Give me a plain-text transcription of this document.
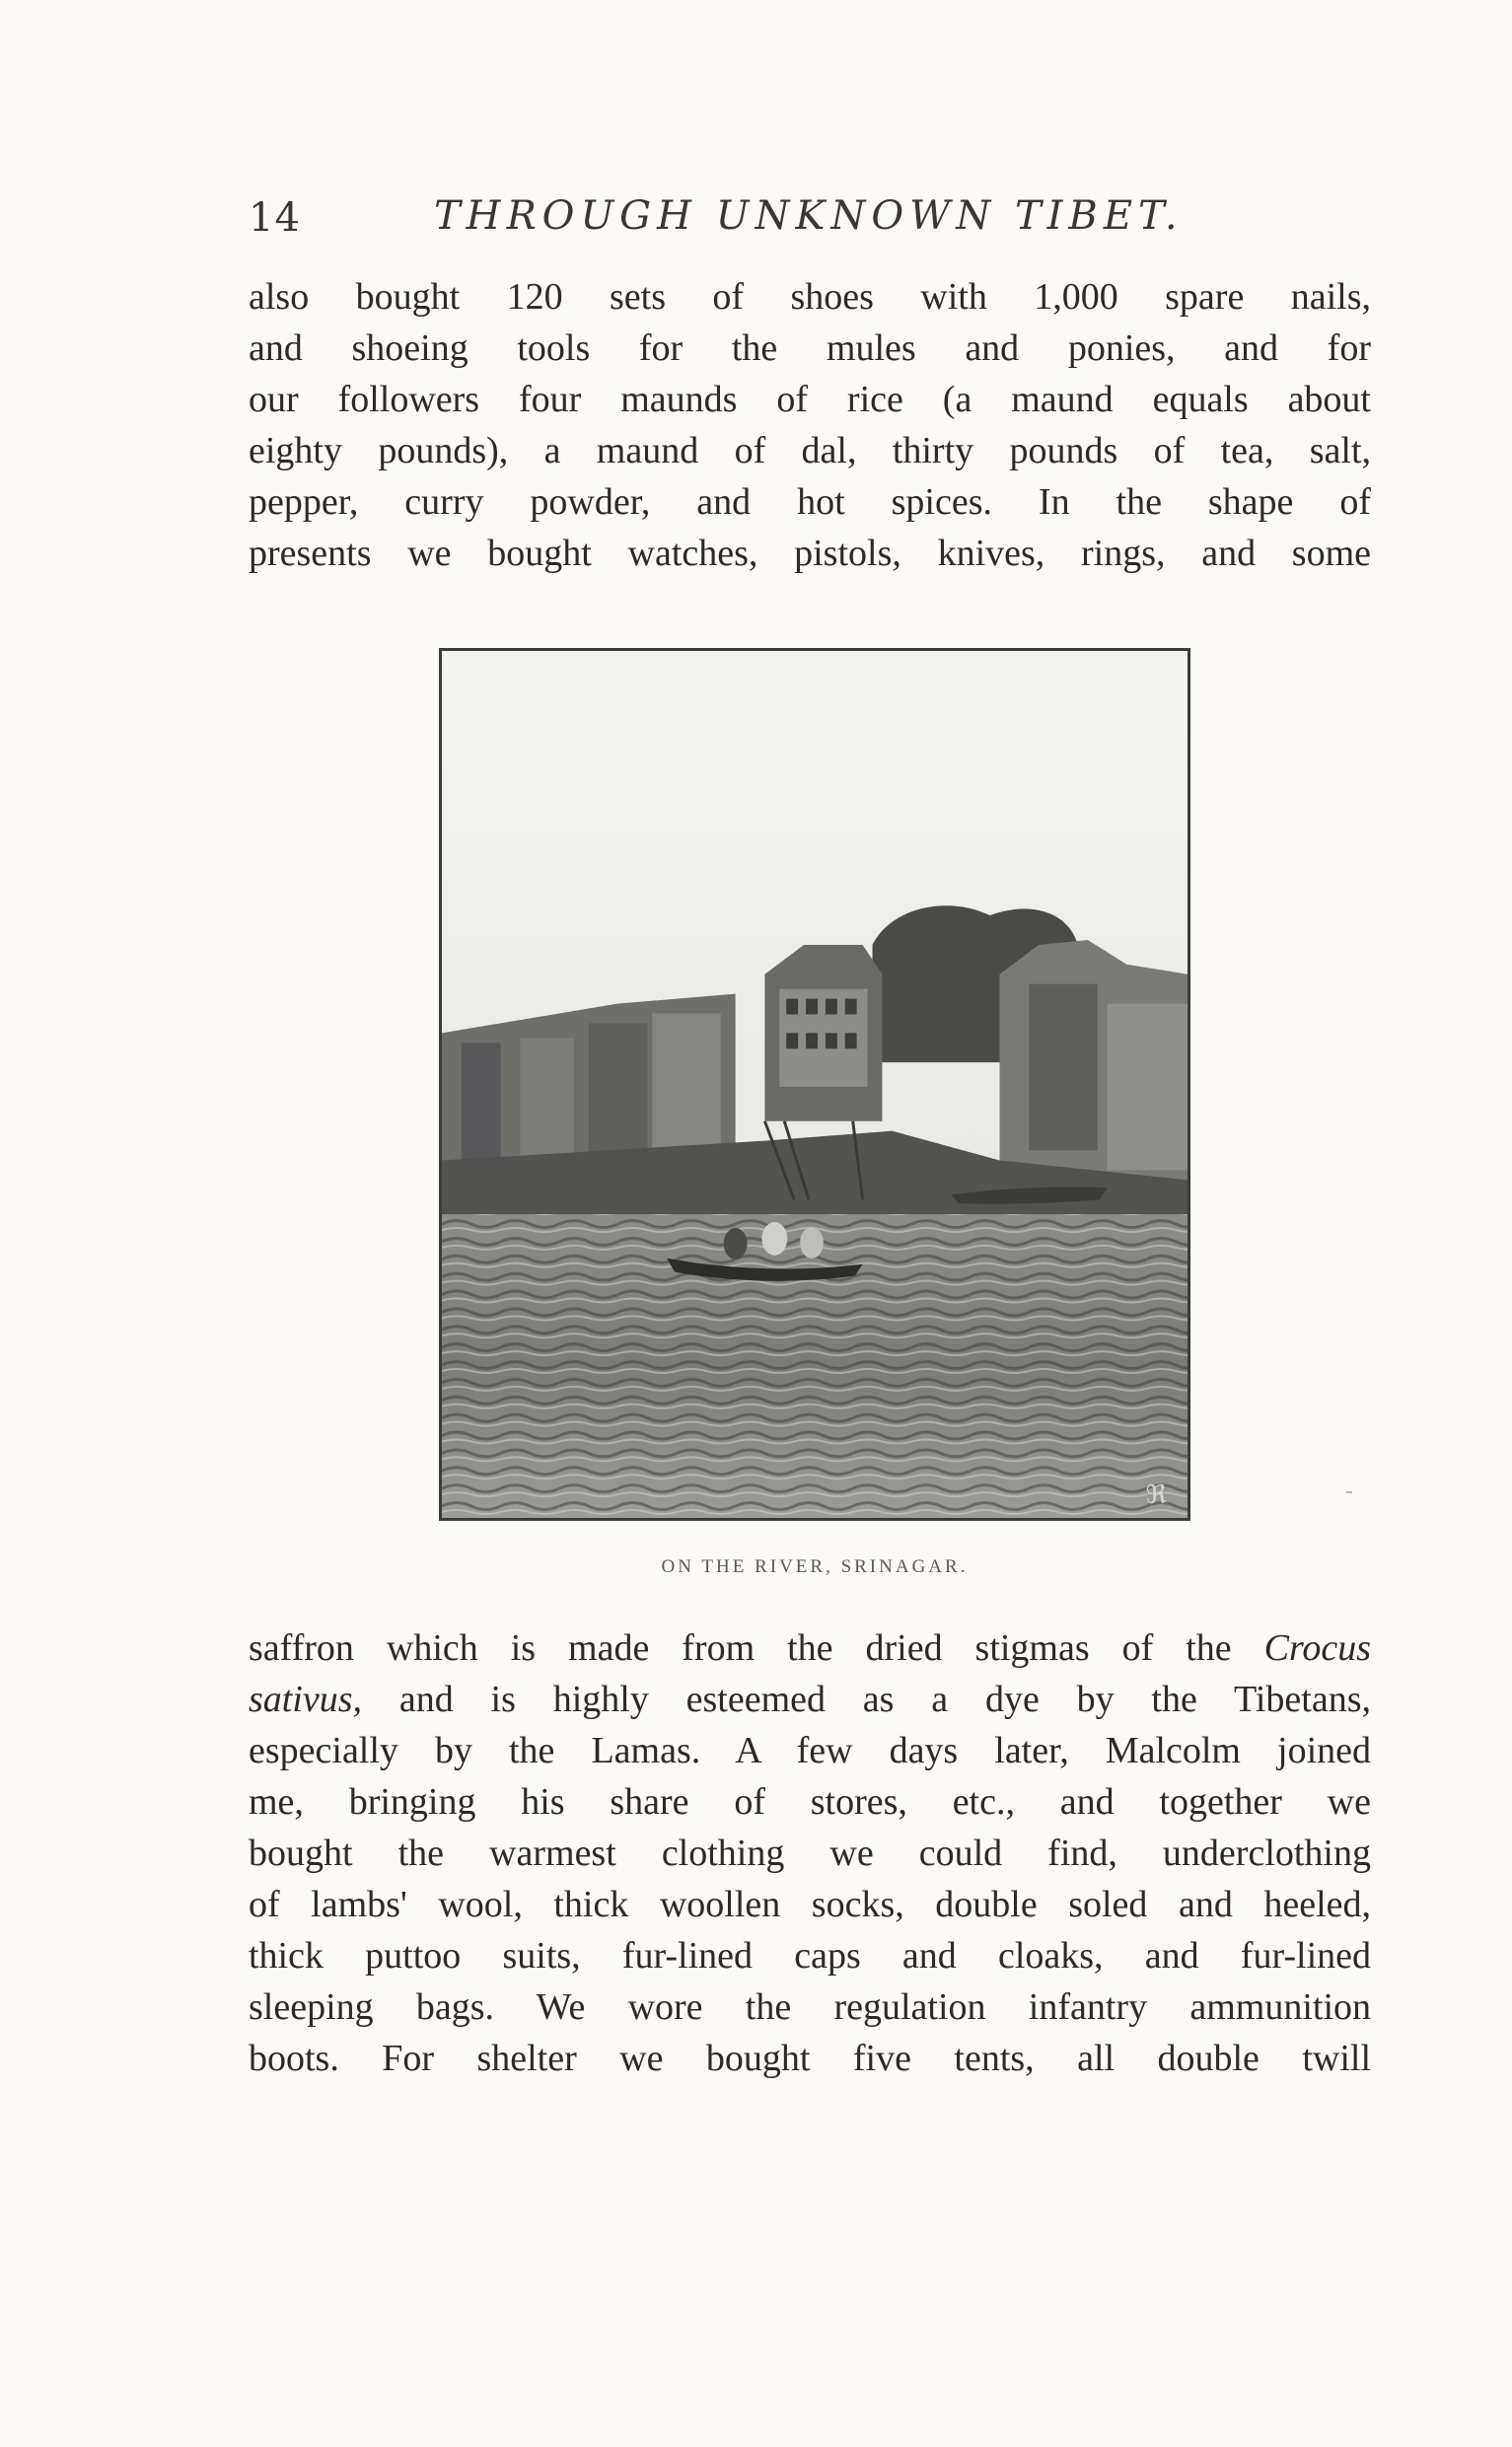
14	THROUGH UNKNOWN TIBET.
also bought 120 sets of shoes with 1,000 spare nails,
and shoeing tools for the mules and ponies, and for
our followers four maunds of rice (a maund equals about
eighty pounds), a maund of dal, thirty pounds of tea, salt,
pepper, curry powder, and hot spices. In the shape of
presents we bought watches, pistols, knives, rings, and some
ℜ
ON THE RIVER, SRINAGAR.
saffron which is made from the dried stigmas of the Crocus
sativus, and is highly esteemed as a dye by the Tibetans,
especially by the Lamas. A few days later, Malcolm joined
me, bringing his share of stores, etc., and together we
bought the warmest clothing we could find, underclothing
of lambs' wool, thick woollen socks, double soled and heeled,
thick puttoo suits, fur-lined caps and cloaks, and fur-lined
sleeping bags. We wore the regulation infantry ammunition
boots. For shelter we bought five tents, all double twill
